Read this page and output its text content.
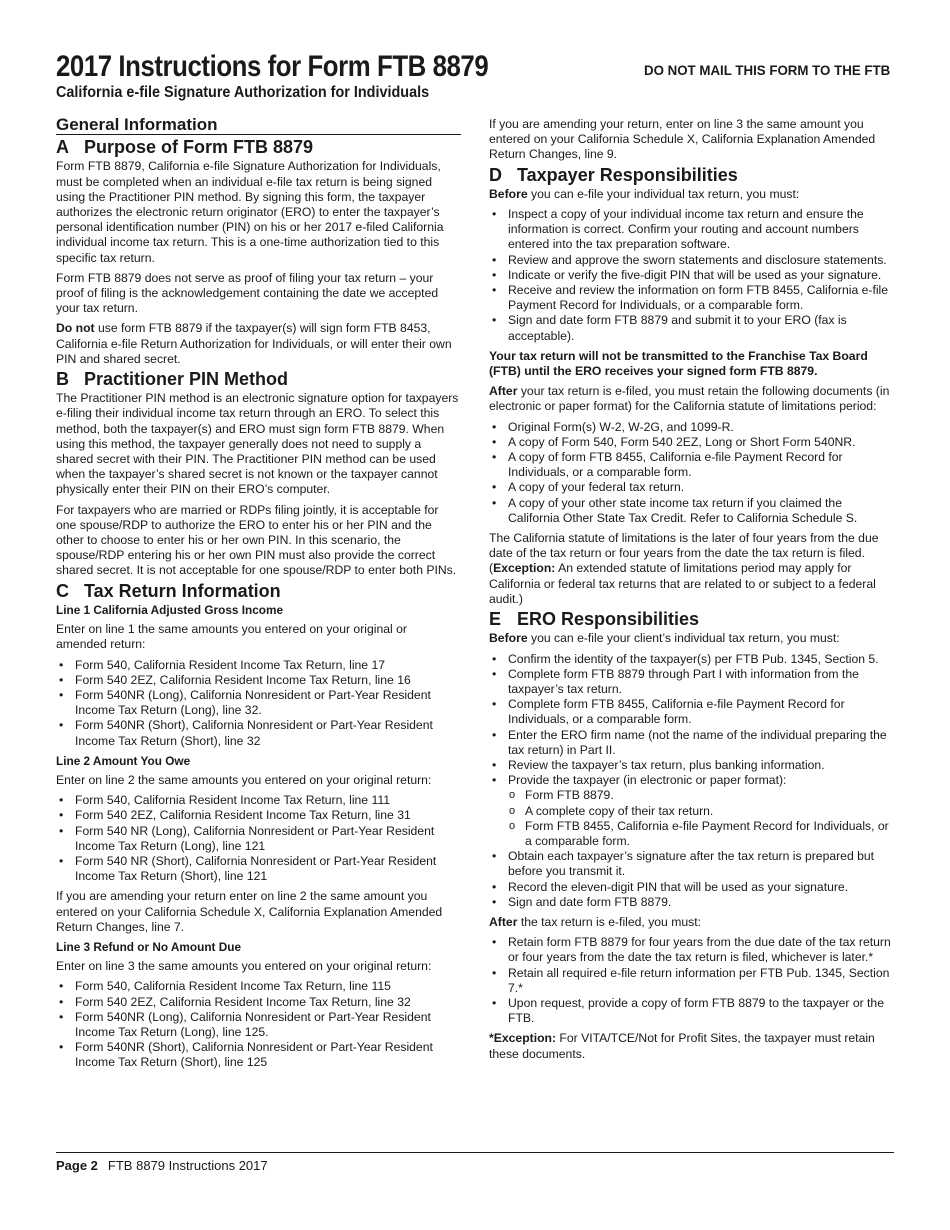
2017 Instructions for Form FTB 8879
California e-file Signature Authorization for Individuals
DO NOT MAIL THIS FORM TO THE FTB
General Information
A Purpose of Form FTB 8879

Form FTB 8879, California e-file Signature Authorization for Individuals, must be completed when an individual e-file tax return is being signed using the Practitioner PIN method. By signing this form, the taxpayer authorizes the electronic return originator (ERO) to enter the taxpayer’s personal identification number (PIN) on his or her 2017 e-filed California individual income tax return. This is a one-time authorization tied to this specific tax return.

Form FTB 8879 does not serve as proof of filing your tax return – your proof of filing is the acknowledgement containing the date we accepted your tax return.

Do not use form FTB 8879 if the taxpayer(s) will sign form FTB 8453, California e-file Return Authorization for Individuals, or will enter their own PIN and shared secret.

B Practitioner PIN Method

The Practitioner PIN method is an electronic signature option for taxpayers e-filing their individual income tax return through an ERO. To select this method, both the taxpayer(s) and ERO must sign form FTB 8879. When using this method, the taxpayer generally does not need to supply a shared secret with their PIN. The Practitioner PIN method can be used when the taxpayer’s shared secret is not known or the taxpayer cannot physically enter their PIN on their ERO’s computer.

For taxpayers who are married or RDPs filing jointly, it is acceptable for one spouse/RDP to authorize the ERO to enter his or her PIN and the other to choose to enter his or her own PIN. In this scenario, the spouse/RDP entering his or her own PIN must also provide the correct shared secret. It is not acceptable for one spouse/RDP to enter both PINs.

C Tax Return Information
Line 1 California Adjusted Gross Income

Enter on line 1 the same amounts you entered on your original or amended return:

• Form 540, California Resident Income Tax Return, line 17
• Form 540 2EZ, California Resident Income Tax Return, line 16
• Form 540NR (Long), California Nonresident or Part-Year Resident Income Tax Return (Long), line 32.
• Form 540NR (Short), California Nonresident or Part-Year Resident Income Tax Return (Short), line 32
Line 2 Amount You Owe

Enter on line 2 the same amounts you entered on your original return:

• Form 540, California Resident Income Tax Return, line 111
• Form 540 2EZ, California Resident Income Tax Return, line 31
• Form 540 NR (Long), California Nonresident or Part-Year Resident Income Tax Return (Long), line 121
• Form 540 NR (Short), California Nonresident or Part-Year Resident Income Tax Return (Short), line 121

If you are amending your return enter on line 2 the same amount you entered on your California Schedule X, California Explanation Amended Return Changes, line 7.

Line 3 Refund or No Amount Due

Enter on line 3 the same amounts you entered on your original return:

• Form 540, California Resident Income Tax Return, line 115
• Form 540 2EZ, California Resident Income Tax Return, line 32
• Form 540NR (Long), California Nonresident or Part-Year Resident Income Tax Return (Long), line 125.
• Form 540NR (Short), California Nonresident or Part-Year Resident Income Tax Return (Short), line 125

If you are amending your return, enter on line 3 the same amount you entered on your California Schedule X, California Explanation Amended Return Changes, line 9.

D Taxpayer Responsibilities

Before you can e-file your individual tax return, you must:

• Inspect a copy of your individual income tax return and ensure the information is correct. Confirm your routing and account numbers entered into the tax preparation software.
• Review and approve the sworn statements and disclosure statements.
• Indicate or verify the five-digit PIN that will be used as your signature.
• Receive and review the information on form FTB 8455, California e-file Payment Record for Individuals, or a comparable form.
• Sign and date form FTB 8879 and submit it to your ERO (fax is acceptable).

Your tax return will not be transmitted to the Franchise Tax Board (FTB) until the ERO receives your signed form FTB 8879.

After your tax return is e-filed, you must retain the following documents (in electronic or paper format) for the California statute of limitations period:

• Original Form(s) W-2, W-2G, and 1099-R.
• A copy of Form 540, Form 540 2EZ, Long or Short Form 540NR.
• A copy of form FTB 8455, California e-file Payment Record for Individuals, or a comparable form.
• A copy of your federal tax return.
• A copy of your other state income tax return if you claimed the California Other State Tax Credit. Refer to California Schedule S.

The California statute of limitations is the later of four years from the due date of the tax return or four years from the date the tax return is filed. (Exception: An extended statute of limitations period may apply for California or federal tax returns that are related to or subject to a federal audit.)

E ERO Responsibilities

Before you can e-file your client’s individual tax return, you must:

• Confirm the identity of the taxpayer(s) per FTB Pub. 1345, Section 5.
• Complete form FTB 8879 through Part I with information from the taxpayer’s tax return.
• Complete form FTB 8455, California e-file Payment Record for Individuals, or a comparable form.
• Enter the ERO firm name (not the name of the individual preparing the tax return) in Part II.
• Review the taxpayer’s tax return, plus banking information.
• Provide the taxpayer (in electronic or paper format):
o Form FTB 8879.
o A complete copy of their tax return.
o Form FTB 8455, California e-file Payment Record for Individuals, or a comparable form.
• Obtain each taxpayer’s signature after the tax return is prepared but before you transmit it.
• Record the eleven-digit PIN that will be used as your signature.
• Sign and date form FTB 8879.

After the tax return is e-filed, you must:

• Retain form FTB 8879 for four years from the due date of the tax return or four years from the date the tax return is filed, whichever is later.*
• Retain all required e-file return information per FTB Pub. 1345, Section 7.*
• Upon request, provide a copy of form FTB 8879 to the taxpayer or the FTB.

*Exception: For VITA/TCE/Not for Profit Sites, the taxpayer must retain these documents.

Page 2 FTB 8879 Instructions 2017
